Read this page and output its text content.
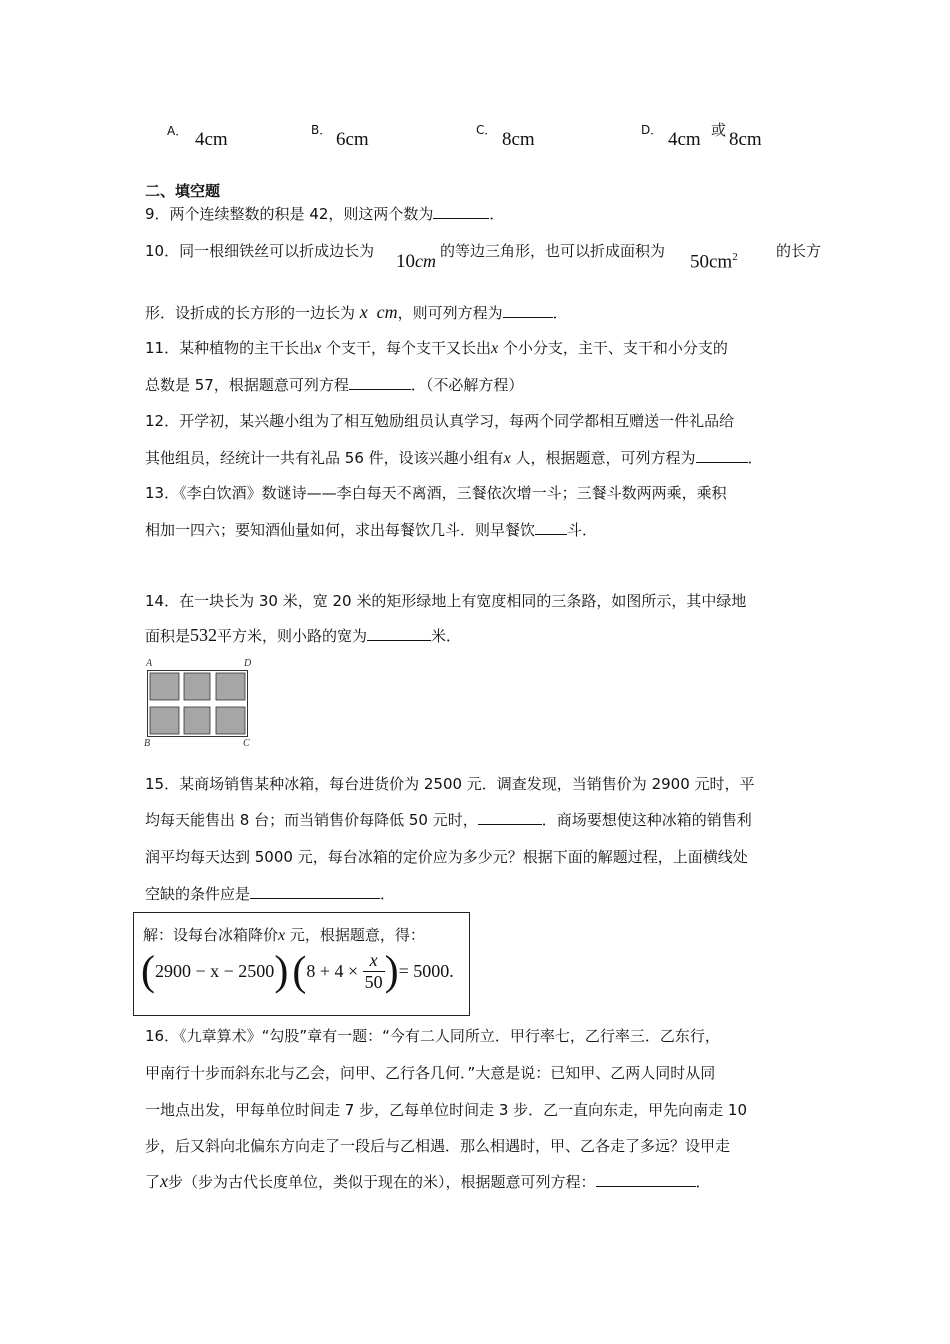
A． 4cm	B． 6cm	C． 8cm	D． 4cm 或 8cm
二、填空题
9．两个连续整数的积是 42，则这两个数为	．
10．同一根细铁丝可以折成边长为 10cm 的等边三角形，也可以折成面积为
$50cm^2$	的长方
形．设折成的长方形的一边长为 x cm，则可列方程为	．
11．某种植物的主干长出x 个支干，每个支干又长出x 个小分支，主干、支干和小分支的
总数是 57，根据题意可列方程	．（不必解方程）
12．开学初，某兴趣小组为了相互勉励组员认真学习，每两个同学都相互赠送一件礼品给
其他组员，经统计一共有礼品 56 件，设该兴趣小组有x 人，根据题意，可列方程为	．
13．《李白饮酒》数谜诗——李白每天不离酒，三餐依次增一斗；三餐斗数两两乘，乘积
相加一四六；要知酒仙量如何，求出每餐饮几斗．则早餐饮 斗．
14．在一块长为 30 米，宽 20 米的矩形绿地上有宽度相同的三条路，如图所示，其中绿地
面积是532平方米，则小路的宽为	米．
A	D
B	C
15．某商场销售某种冰箱，每台进货价为 2500 元．调查发现，当销售价为 2900 元时，平
均每天能售出 8 台；而当销售价每降低 50 元时，	．商场要想使这种冰箱的销售利
润平均每天达到 5000 元，每台冰箱的定价应为多少元？根据下面的解题过程，上面横线处
空缺的条件应是	．
解：设每台冰箱降价x 元，根据题意，得：
$(2900 - x - 2500)(8 + 4 \times \frac{x}{50}$ )= 5000.
16．《九章算术》“勾股”章有一题：“今有二人同所立．甲行率七，乙行率三．乙东行，
甲南行十步而斜东北与乙会，问甲、乙行各几何．”大意是说：已知甲、乙两人同时从同
一地点出发，甲每单位时间走 7 步，乙每单位时间走 3 步．乙一直向东走，甲先向南走 10
步，后又斜向北偏东方向走了一段后与乙相遇．那么相遇时，甲、乙各走了多远？设甲走
了x步（步为古代长度单位，类似于现在的米），根据题意可列方程：	．
